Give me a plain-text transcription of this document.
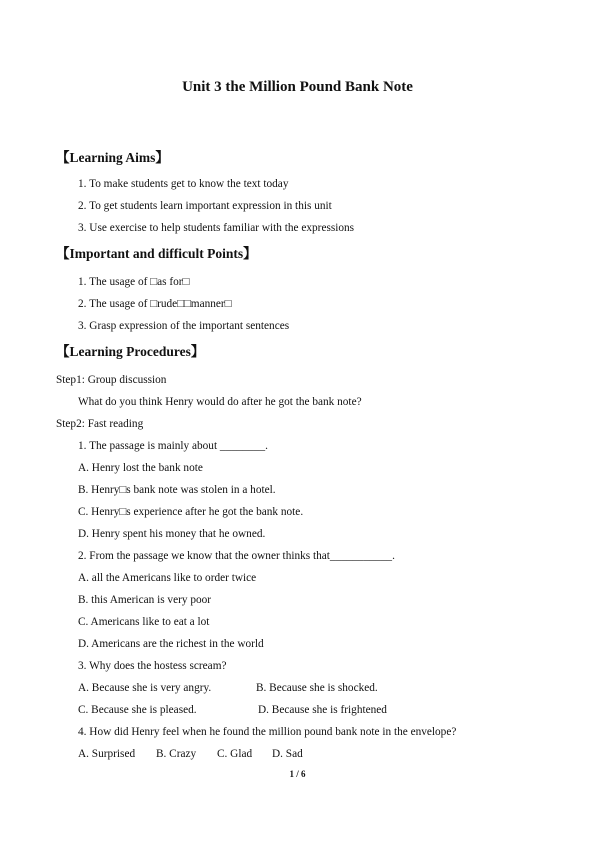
Unit 3 the Million Pound Bank Note
【Learning Aims】
1. To make students get to know the text today
2. To get students learn important expression in this unit
3. Use exercise to help students familiar with the expressions
【Important and difficult Points】
1. The usage of □as for□
2. The usage of □rude□□manner□
3. Grasp expression of the important sentences
【Learning Procedures】
Step1: Group discussion
What do you think Henry would do after he got the bank note?
Step2: Fast reading
1. The passage is mainly about ________.
A. Henry lost the bank note
B. Henry□s bank note was stolen in a hotel.
C. Henry□s experience after he got the bank note.
D. Henry spent his money that he owned.
2. From the passage we know that the owner thinks that___________.
A. all the Americans like to order twice
B. this American is very poor
C. Americans like to eat a lot
D. Americans are the richest in the world
3. Why does the hostess scream?
A. Because she is very angry.	B. Because she is shocked.
C. Because she is pleased.	D. Because she is frightened
4. How did Henry feel when he found the million pound bank note in the envelope?
A. Surprised B. Crazy C. Glad D. Sad
1 / 6
